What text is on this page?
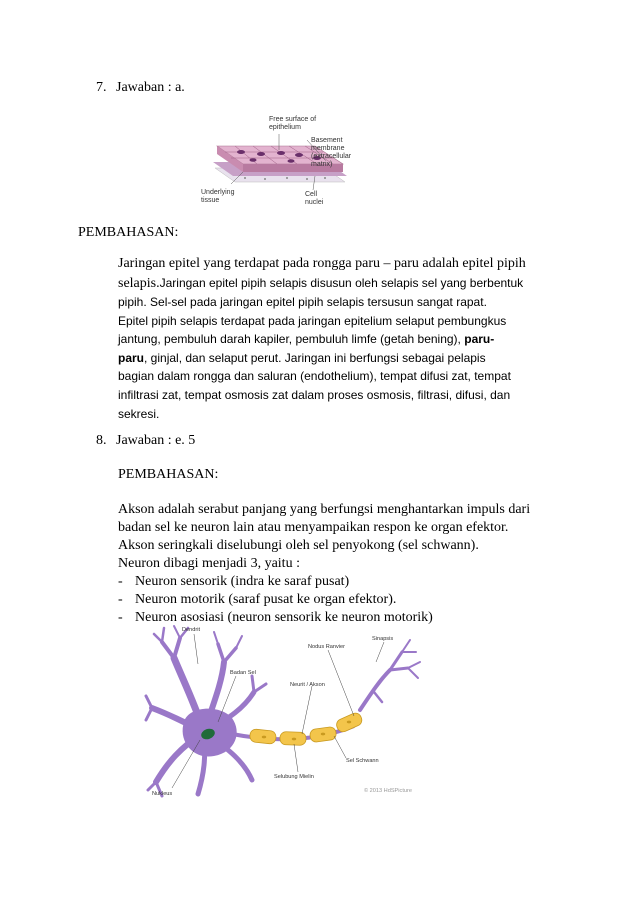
7. Jawaban : a.
Free surface of
epithelium
Basement
membrane
(extracellular
matrix)
Underlying
tissue
Cell
nuclei
PEMBAHASAN:
Jaringan epitel yang terdapat pada rongga paru – paru adalah epitel pipih
selapis.Jaringan epitel pipih selapis disusun oleh selapis sel yang berbentuk
pipih. Sel-sel pada jaringan epitel pipih selapis tersusun sangat rapat.
Epitel pipih selapis terdapat pada jaringan epitelium selaput pembungkus
jantung, pembuluh darah kapiler, pembuluh limfe (getah bening), paru-
paru, ginjal, dan selaput perut. Jaringan ini berfungsi sebagai pelapis
bagian dalam rongga dan saluran (endothelium), tempat difusi zat, tempat
infiltrasi zat, tempat osmosis zat dalam proses osmosis, filtrasi, difusi, dan
sekresi.
8. Jawaban : e. 5
PEMBAHASAN:
Akson adalah serabut panjang yang berfungsi menghantarkan impuls dari
badan sel ke neuron lain atau menyampaikan respon ke organ efektor.
Akson seringkali diselubungi oleh sel penyokong (sel schwann).
Neuron dibagi menjadi 3, yaitu :
- Neuron sensorik (indra ke saraf pusat)
- Neuron motorik (saraf pusat ke organ efektor).
- Neuron asosiasi (neuron sensorik ke neuron motorik)
Dendrit
Badan Sel
Nodus Ranvier
Sinapsis
Neurit / Akson
Sel Schwann
Selubung Mielin
Nukleus	© 2013 HdSPicture
